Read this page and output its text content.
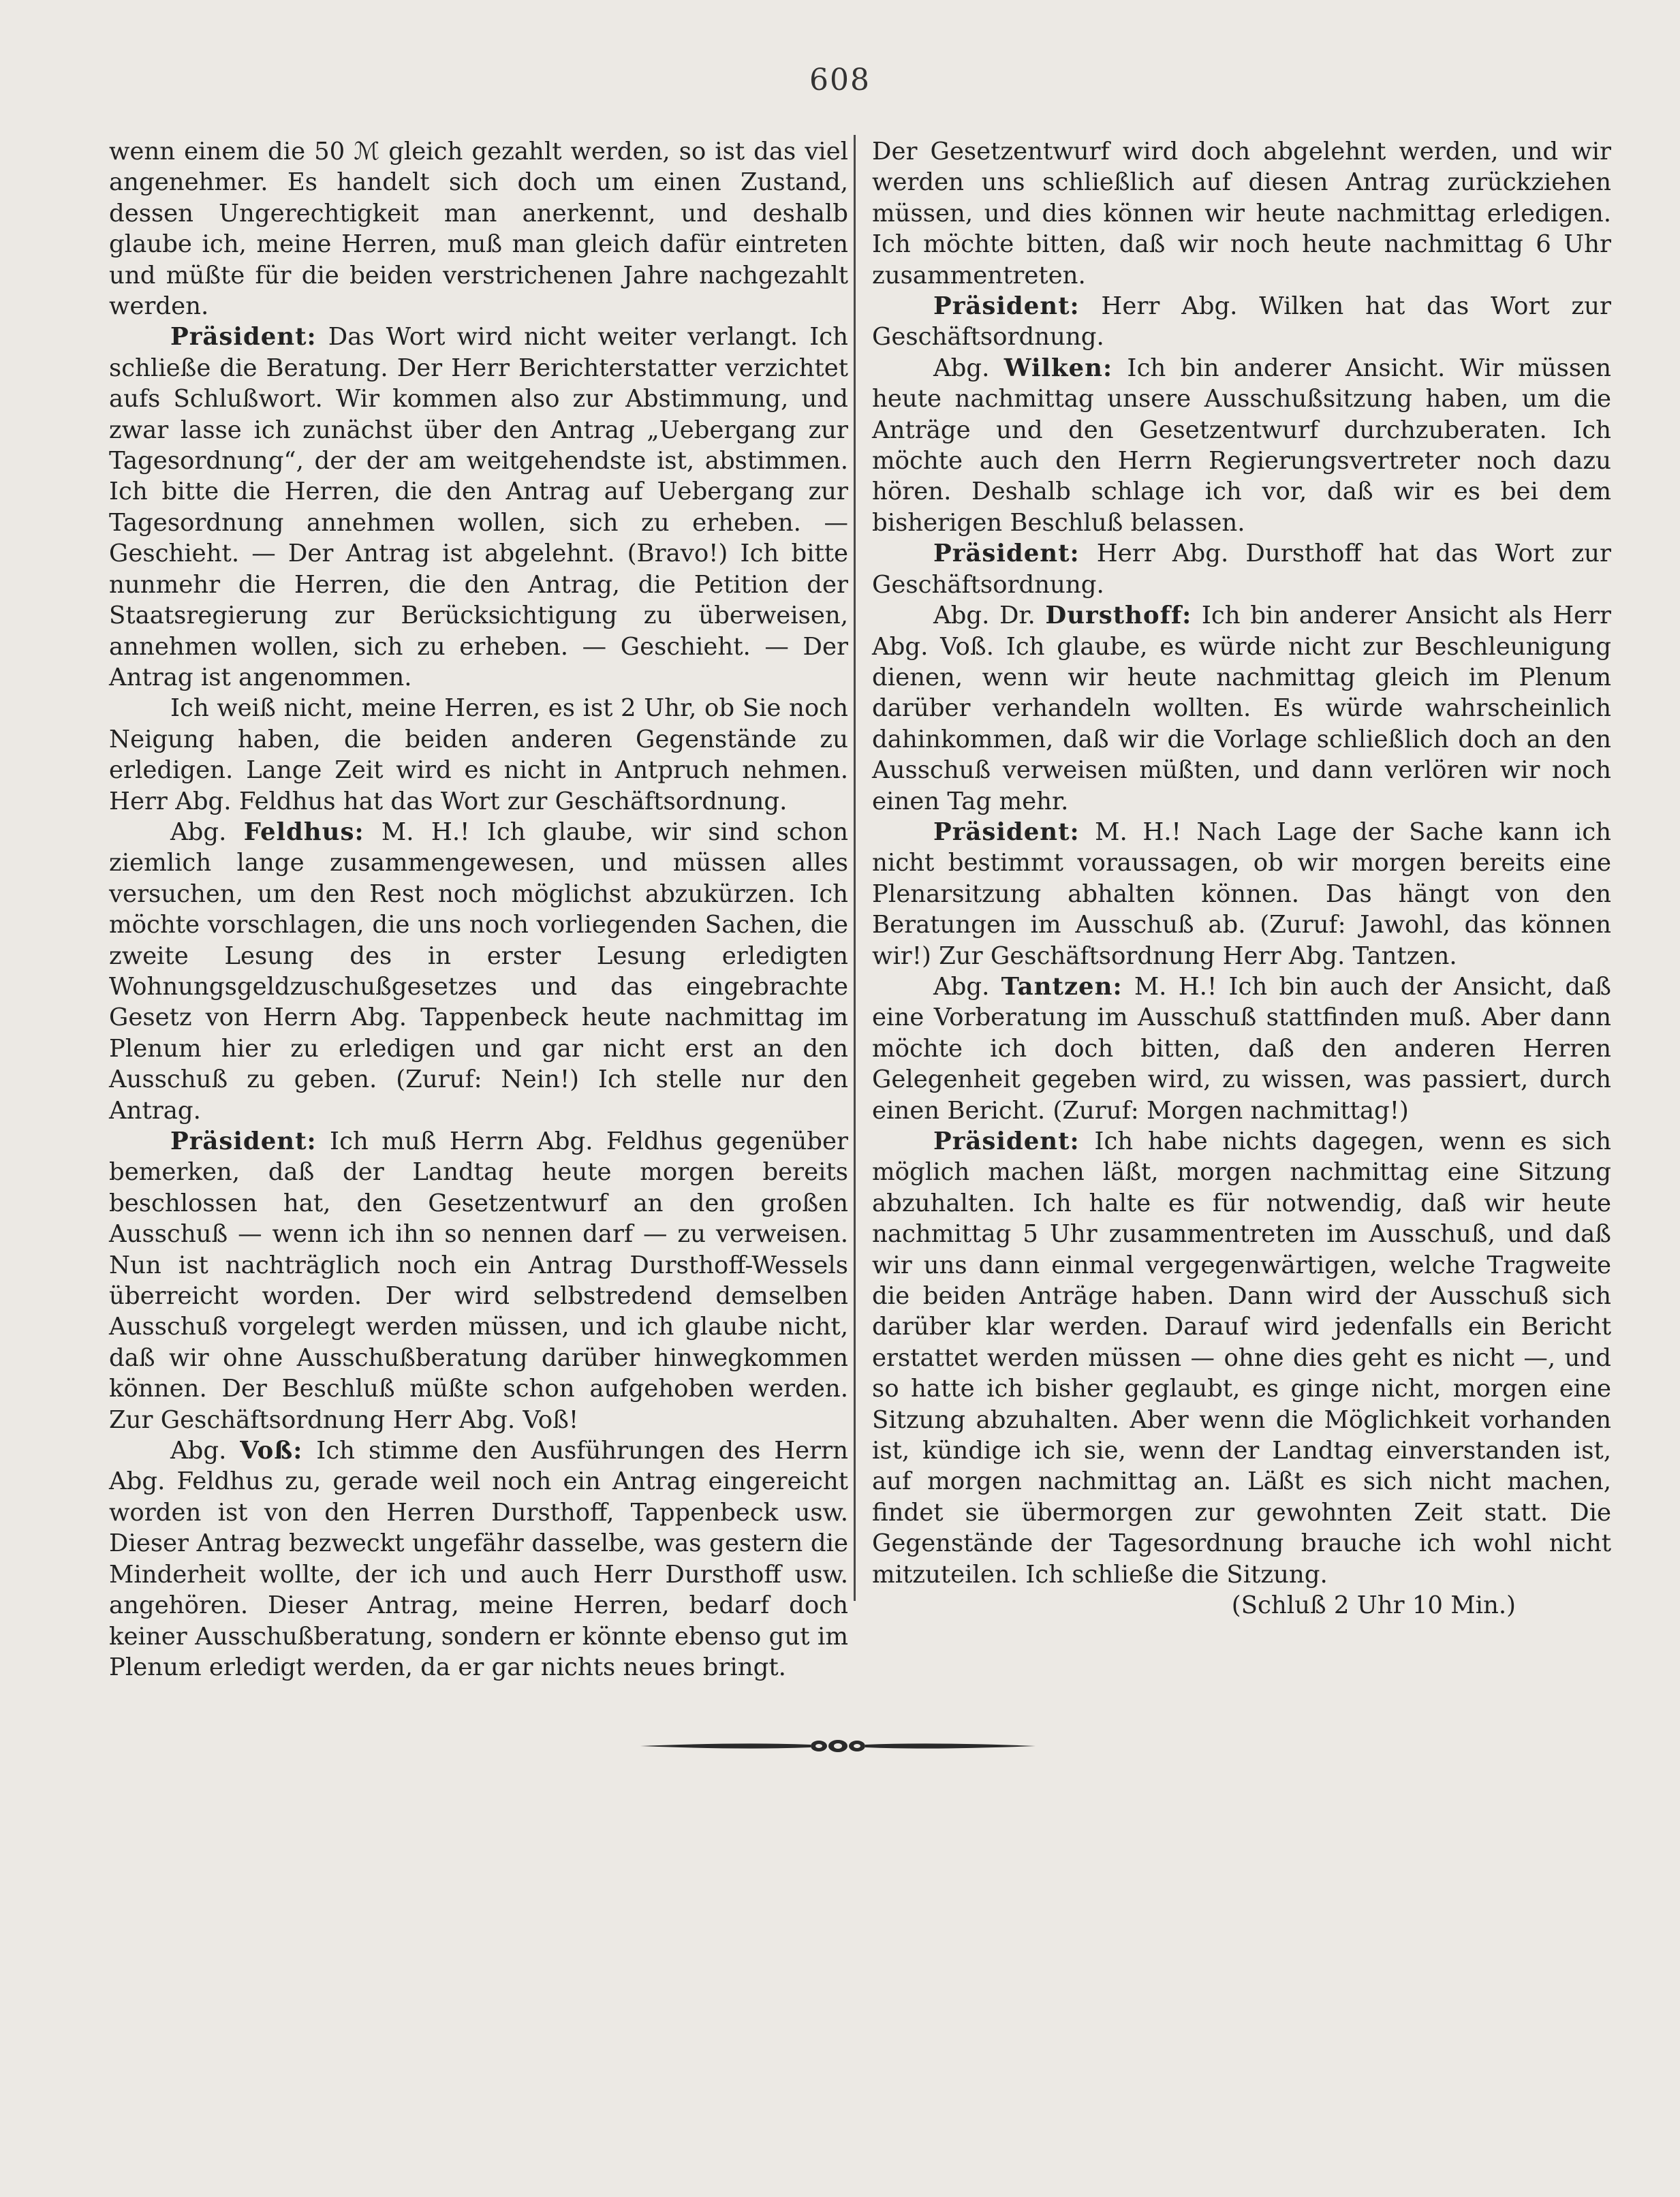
608

wenn einem die 50 ℳ gleich gezahlt werden, so ist das viel angenehmer. Es handelt sich doch um einen Zustand, dessen Ungerechtigkeit man anerkennt, und deshalb glaube ich, meine Herren, muß man gleich dafür eintreten und müßte für die beiden verstrichenen Jahre nachgezahlt werden.

Präsident: Das Wort wird nicht weiter verlangt. Ich schließe die Beratung. Der Herr Berichterstatter verzichtet aufs Schlußwort. Wir kommen also zur Abstimmung, und zwar lasse ich zunächst über den Antrag „Uebergang zur Tagesordnung“, der der am weitgehendste ist, abstimmen. Ich bitte die Herren, die den Antrag auf Uebergang zur Tagesordnung annehmen wollen, sich zu erheben. — Geschieht. — Der Antrag ist abgelehnt. (Bravo!) Ich bitte nunmehr die Herren, die den Antrag, die Petition der Staatsregierung zur Berücksichtigung zu überweisen, annehmen wollen, sich zu erheben. — Geschieht. — Der Antrag ist angenommen.

Ich weiß nicht, meine Herren, es ist 2 Uhr, ob Sie noch Neigung haben, die beiden anderen Gegenstände zu erledigen. Lange Zeit wird es nicht in Antpruch nehmen. Herr Abg. Feldhus hat das Wort zur Geschäftsordnung.

Abg. Feldhus: M. H.! Ich glaube, wir sind schon ziemlich lange zusammengewesen, und müssen alles versuchen, um den Rest noch möglichst abzukürzen. Ich möchte vorschlagen, die uns noch vorliegenden Sachen, die zweite Lesung des in erster Lesung erledigten Wohnungsgeldzuschußgesetzes und das eingebrachte Gesetz von Herrn Abg. Tappenbeck heute nachmittag im Plenum hier zu erledigen und gar nicht erst an den Ausschuß zu geben. (Zuruf: Nein!) Ich stelle nur den Antrag.

Präsident: Ich muß Herrn Abg. Feldhus gegenüber bemerken, daß der Landtag heute morgen bereits beschlossen hat, den Gesetzentwurf an den großen Ausschuß — wenn ich ihn so nennen darf — zu verweisen. Nun ist nachträglich noch ein Antrag Dursthoff-Wessels überreicht worden. Der wird selbstredend demselben Ausschuß vorgelegt werden müssen, und ich glaube nicht, daß wir ohne Ausschußberatung darüber hinwegkommen können. Der Beschluß müßte schon aufgehoben werden. Zur Geschäftsordnung Herr Abg. Voß!

Abg. Voß: Ich stimme den Ausführungen des Herrn Abg. Feldhus zu, gerade weil noch ein Antrag eingereicht worden ist von den Herren Dursthoff, Tappenbeck usw. Dieser Antrag bezweckt ungefähr dasselbe, was gestern die Minderheit wollte, der ich und auch Herr Dursthoff usw. angehören. Dieser Antrag, meine Herren, bedarf doch keiner Ausschußberatung, sondern er könnte ebenso gut im Plenum erledigt werden, da er gar nichts neues bringt.

Der Gesetzentwurf wird doch abgelehnt werden, und wir werden uns schließlich auf diesen Antrag zurückziehen müssen, und dies können wir heute nachmittag erledigen. Ich möchte bitten, daß wir noch heute nachmittag 6 Uhr zusammentreten.

Präsident: Herr Abg. Wilken hat das Wort zur Geschäftsordnung.

Abg. Wilken: Ich bin anderer Ansicht. Wir müssen heute nachmittag unsere Ausschußsitzung haben, um die Anträge und den Gesetzentwurf durchzuberaten. Ich möchte auch den Herrn Regierungsvertreter noch dazu hören. Deshalb schlage ich vor, daß wir es bei dem bisherigen Beschluß belassen.

Präsident: Herr Abg. Dursthoff hat das Wort zur Geschäftsordnung.

Abg. Dr. Dursthoff: Ich bin anderer Ansicht als Herr Abg. Voß. Ich glaube, es würde nicht zur Beschleunigung dienen, wenn wir heute nachmittag gleich im Plenum darüber verhandeln wollten. Es würde wahrscheinlich dahinkommen, daß wir die Vorlage schließlich doch an den Ausschuß verweisen müßten, und dann verlören wir noch einen Tag mehr.

Präsident: M. H.! Nach Lage der Sache kann ich nicht bestimmt voraussagen, ob wir morgen bereits eine Plenarsitzung abhalten können. Das hängt von den Beratungen im Ausschuß ab. (Zuruf: Jawohl, das können wir!) Zur Geschäftsordnung Herr Abg. Tantzen.

Abg. Tantzen: M. H.! Ich bin auch der Ansicht, daß eine Vorberatung im Ausschuß stattfinden muß. Aber dann möchte ich doch bitten, daß den anderen Herren Gelegenheit gegeben wird, zu wissen, was passiert, durch einen Bericht. (Zuruf: Morgen nachmittag!)

Präsident: Ich habe nichts dagegen, wenn es sich möglich machen läßt, morgen nachmittag eine Sitzung abzuhalten. Ich halte es für notwendig, daß wir heute nachmittag 5 Uhr zusammentreten im Ausschuß, und daß wir uns dann einmal vergegenwärtigen, welche Tragweite die beiden Anträge haben. Dann wird der Ausschuß sich darüber klar werden. Darauf wird jedenfalls ein Bericht erstattet werden müssen — ohne dies geht es nicht —, und so hatte ich bisher geglaubt, es ginge nicht, morgen eine Sitzung abzuhalten. Aber wenn die Möglichkeit vorhanden ist, kündige ich sie, wenn der Landtag einverstanden ist, auf morgen nachmittag an. Läßt es sich nicht machen, findet sie übermorgen zur gewohnten Zeit statt. Die Gegenstände der Tagesordnung brauche ich wohl nicht mitzuteilen. Ich schließe die Sitzung.

(Schluß 2 Uhr 10 Min.)
